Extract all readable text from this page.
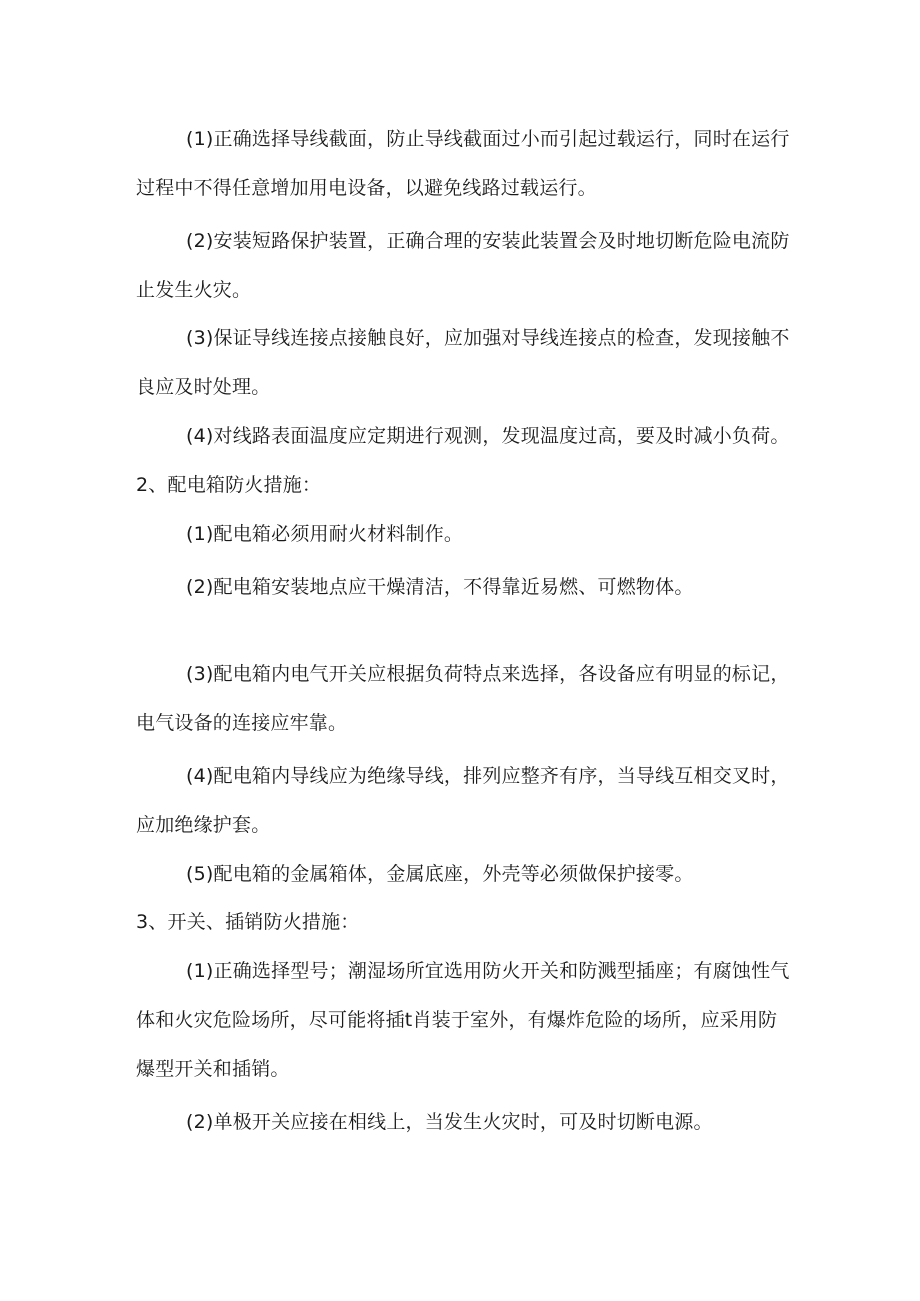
(1)正确选择导线截面，防止导线截面过小而引起过载运行，同时在运行过程中不得任意增加用电设备，以避免线路过载运行。

(2)安装短路保护装置，正确合理的安装此装置会及时地切断危险电流防止发生火灾。

(3)保证导线连接点接触良好，应加强对导线连接点的检查，发现接触不良应及时处理。

(4)对线路表面温度应定期进行观测，发现温度过高，要及时减小负荷。

2、配电箱防火措施：

(1)配电箱必须用耐火材料制作。

(2)配电箱安装地点应干燥清洁，不得靠近易燃、可燃物体。

(3)配电箱内电气开关应根据负荷特点来选择，各设备应有明显的标记，电气设备的连接应牢靠。

(4)配电箱内导线应为绝缘导线，排列应整齐有序，当导线互相交叉时，应加绝缘护套。

(5)配电箱的金属箱体，金属底座，外壳等必须做保护接零。

3、开关、插销防火措施：

(1)正确选择型号；潮湿场所宜选用防火开关和防溅型插座；有腐蚀性气体和火灾危险场所，尽可能将插t肖装于室外，有爆炸危险的场所，应采用防爆型开关和插销。

(2)单极开关应接在相线上，当发生火灾时，可及时切断电源。
